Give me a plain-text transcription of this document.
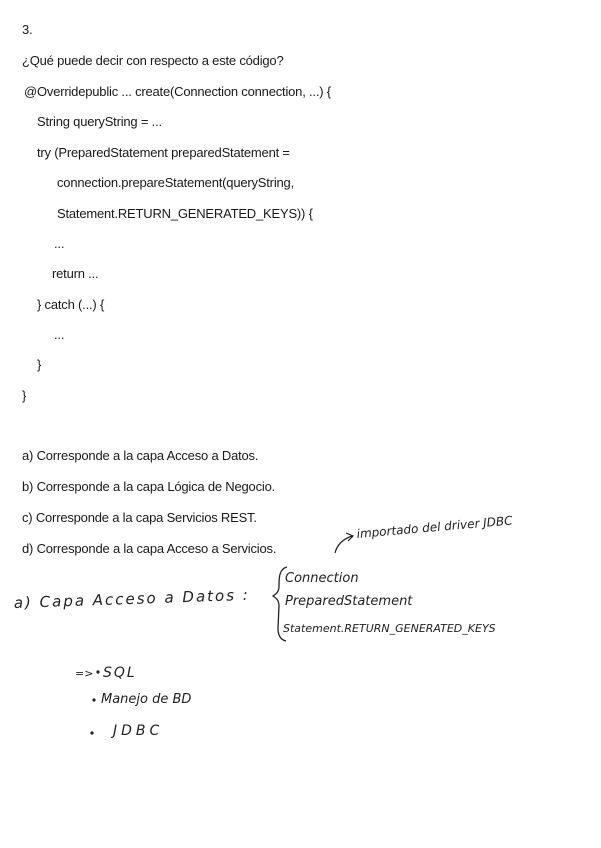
3.
¿Qué puede decir con respecto a este código?
@Overridepublic ... create(Connection connection, ...) {
String queryString = ...
try (PreparedStatement preparedStatement =
connection.prepareStatement(queryString,
Statement.RETURN_GENERATED_KEYS)) {
...
return ...
} catch (...) {
...
}
}
a) Corresponde a la capa Acceso a Datos.
b) Corresponde a la capa Lógica de Negocio.
c) Corresponde a la capa Servicios REST.
d) Corresponde a la capa Acceso a Servicios.
importado del driver JDBC
a) Capa Acceso a Datos :
Connection
PreparedStatement
Statement.RETURN_GENERATED_KEYS
=> SQL
Manejo de BD
JDBC
